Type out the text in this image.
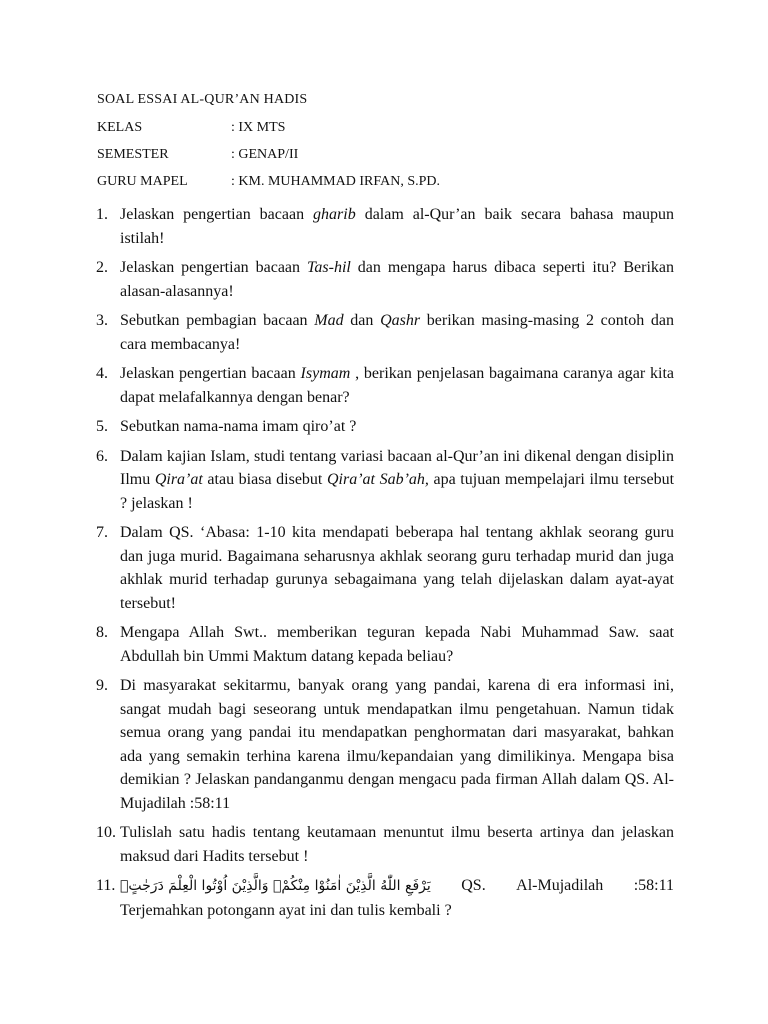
SOAL ESSAI AL-QUR’AN HADIS
KELAS	: IX MTS
SEMESTER	: GENAP/II
GURU MAPEL	: KM. MUHAMMAD IRFAN, S.PD.
1. Jelaskan pengertian bacaan gharib dalam al-Qur’an baik secara bahasa maupun istilah!
2. Jelaskan pengertian bacaan Tas-hil dan mengapa harus dibaca seperti itu? Berikan alasan-alasannya!
3. Sebutkan pembagian bacaan Mad dan Qashr berikan masing-masing 2 contoh dan cara membacanya!
4. Jelaskan pengertian bacaan Isymam , berikan penjelasan bagaimana caranya agar kita dapat melafalkannya dengan benar?
5. Sebutkan nama-nama imam qiro’at ?
6. Dalam kajian Islam, studi tentang variasi bacaan al-Qur’an ini dikenal dengan disiplin Ilmu Qira’at atau biasa disebut Qira’at Sab’ah, apa tujuan mempelajari ilmu tersebut ? jelaskan !
7. Dalam QS. ‘Abasa: 1-10 kita mendapati beberapa hal tentang akhlak seorang guru dan juga murid. Bagaimana seharusnya akhlak seorang guru terhadap murid dan juga akhlak murid terhadap gurunya sebagaimana yang telah dijelaskan dalam ayat-ayat tersebut!
8. Mengapa Allah Swt.. memberikan teguran kepada Nabi Muhammad Saw. saat Abdullah bin Ummi Maktum datang kepada beliau?
9. Di masyarakat sekitarmu, banyak orang yang pandai, karena di era informasi ini, sangat mudah bagi seseorang untuk mendapatkan ilmu pengetahuan. Namun tidak semua orang yang pandai itu mendapatkan penghormatan dari masyarakat, bahkan ada yang semakin terhina karena ilmu/kepandaian yang dimilikinya. Mengapa bisa demikian ? Jelaskan pandanganmu dengan mengacu pada firman Allah dalam QS. Al-Mujadilah :58:11
10. Tulislah satu hadis tentang keutamaan menuntut ilmu beserta artinya dan jelaskan maksud dari Hadits tersebut !
11. يَرْفَعِ اللّٰهُ الَّذِيْنَ اٰمَنُوْا مِنْكُمْۙ وَالَّذِيْنَ اُوْتُوا الْعِلْمَ دَرَجٰتٍۗ QS. Al-Mujadilah :58:11
Terjemahkan potongann ayat ini dan tulis kembali ?
